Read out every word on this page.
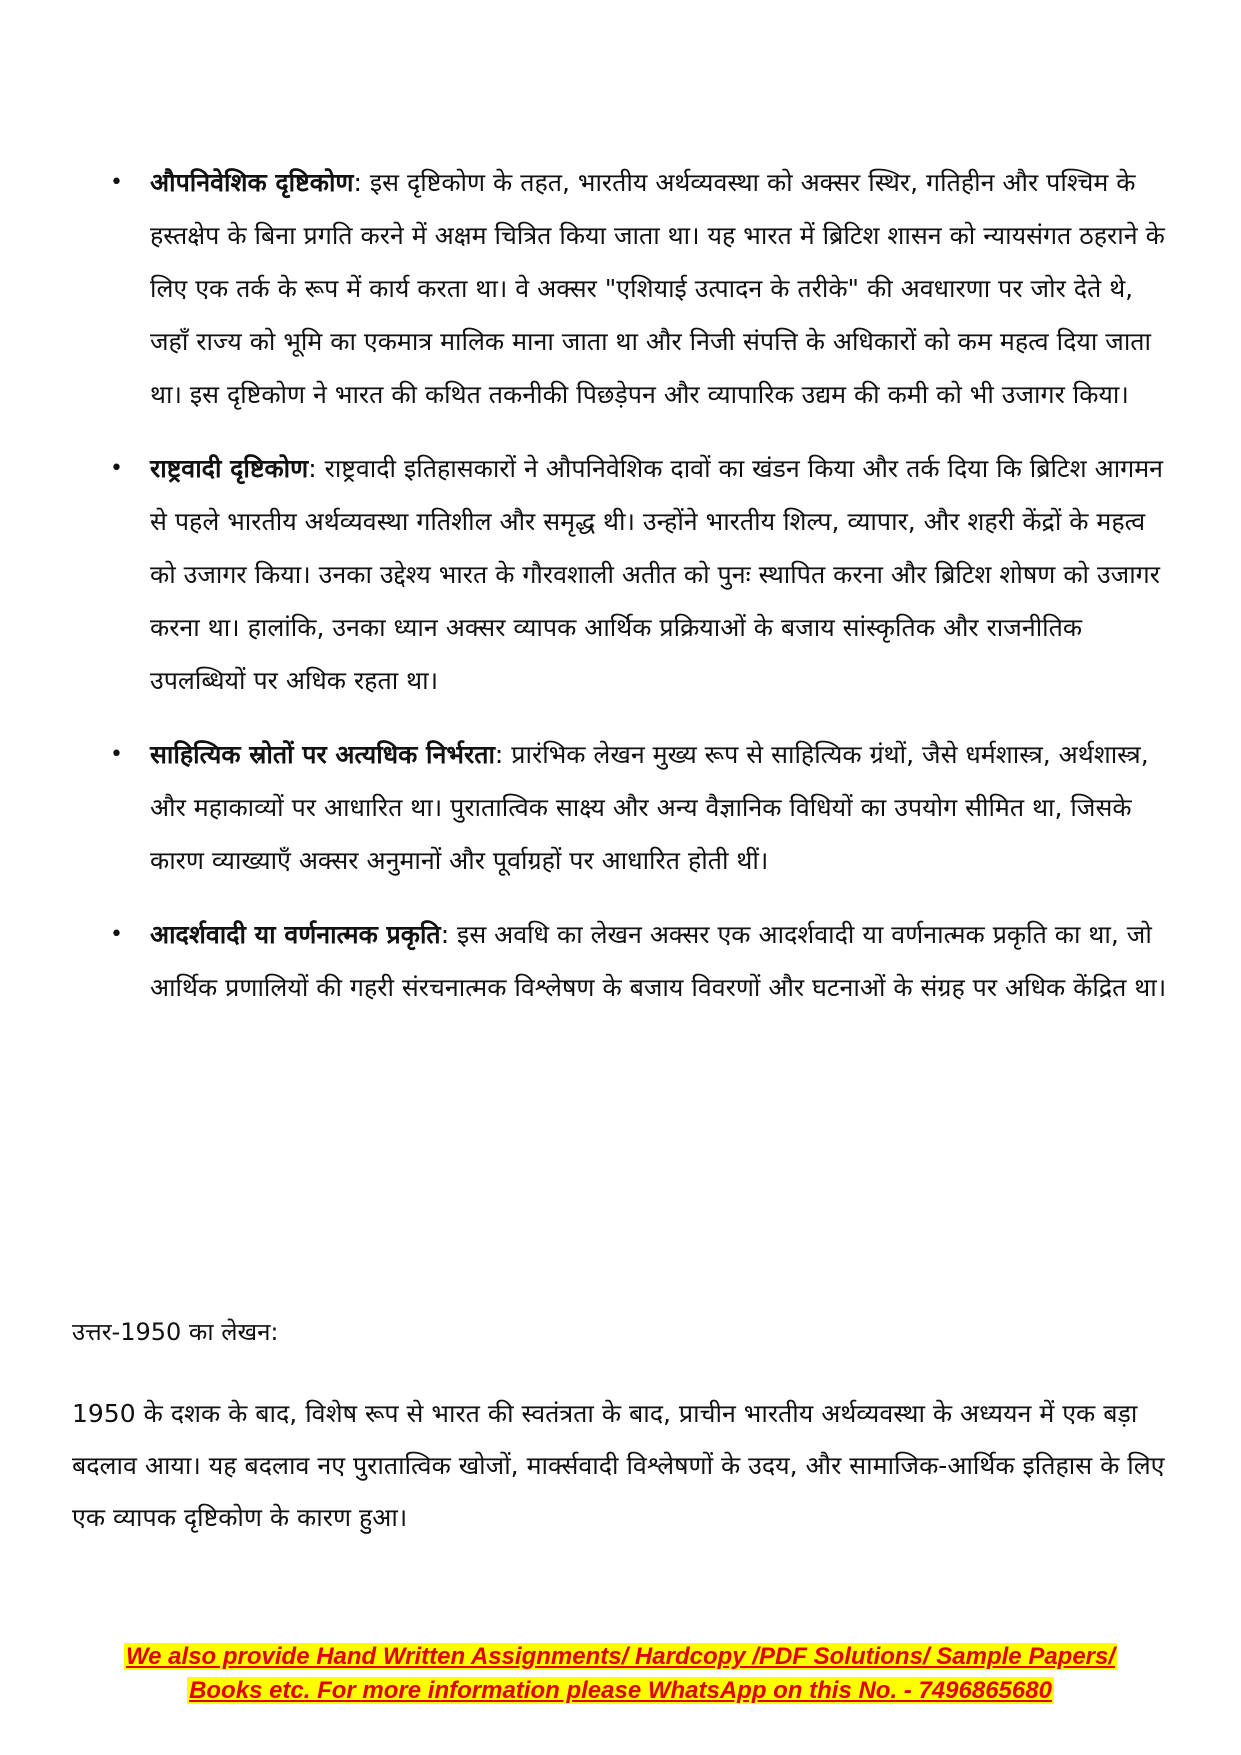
• औपनिवेशिक दृष्टिकोण: इस दृष्टिकोण के तहत, भारतीय अर्थव्यवस्था को अक्सर स्थिर, गतिहीन और पश्चिम के हस्तक्षेप के बिना प्रगति करने में अक्षम चित्रित किया जाता था। यह भारत में ब्रिटिश शासन को न्यायसंगत ठहराने के लिए एक तर्क के रूप में कार्य करता था। वे अक्सर "एशियाई उत्पादन के तरीके" की अवधारणा पर जोर देते थे, जहाँ राज्य को भूमि का एकमात्र मालिक माना जाता था और निजी संपत्ति के अधिकारों को कम महत्व दिया जाता था। इस दृष्टिकोण ने भारत की कथित तकनीकी पिछड़ेपन और व्यापारिक उद्यम की कमी को भी उजागर किया।
• राष्ट्रवादी दृष्टिकोण: राष्ट्रवादी इतिहासकारों ने औपनिवेशिक दावों का खंडन किया और तर्क दिया कि ब्रिटिश आगमन से पहले भारतीय अर्थव्यवस्था गतिशील और समृद्ध थी। उन्होंने भारतीय शिल्प, व्यापार, और शहरी केंद्रों के महत्व को उजागर किया। उनका उद्देश्य भारत के गौरवशाली अतीत को पुनः स्थापित करना और ब्रिटिश शोषण को उजागर करना था। हालांकि, उनका ध्यान अक्सर व्यापक आर्थिक प्रक्रियाओं के बजाय सांस्कृतिक और राजनीतिक उपलब्धियों पर अधिक रहता था।
• साहित्यिक स्रोतों पर अत्यधिक निर्भरता: प्रारंभिक लेखन मुख्य रूप से साहित्यिक ग्रंथों, जैसे धर्मशास्त्र, अर्थशास्त्र, और महाकाव्यों पर आधारित था। पुरातात्विक साक्ष्य और अन्य वैज्ञानिक विधियों का उपयोग सीमित था, जिसके कारण व्याख्याएँ अक्सर अनुमानों और पूर्वाग्रहों पर आधारित होती थीं।
• आदर्शवादी या वर्णनात्मक प्रकृति: इस अवधि का लेखन अक्सर एक आदर्शवादी या वर्णनात्मक प्रकृति का था, जो आर्थिक प्रणालियों की गहरी संरचनात्मक विश्लेषण के बजाय विवरणों और घटनाओं के संग्रह पर अधिक केंद्रित था।
उत्तर-1950 का लेखन:

1950 के दशक के बाद, विशेष रूप से भारत की स्वतंत्रता के बाद, प्राचीन भारतीय अर्थव्यवस्था के अध्ययन में एक बड़ा बदलाव आया। यह बदलाव नए पुरातात्विक खोजों, मार्क्सवादी विश्लेषणों के उदय, और सामाजिक-आर्थिक इतिहास के लिए एक व्यापक दृष्टिकोण के कारण हुआ।

We also provide Hand Written Assignments/ Hardcopy /PDF Solutions/ Sample Papers/
Books etc. For more information please WhatsApp on this No. - 7496865680
